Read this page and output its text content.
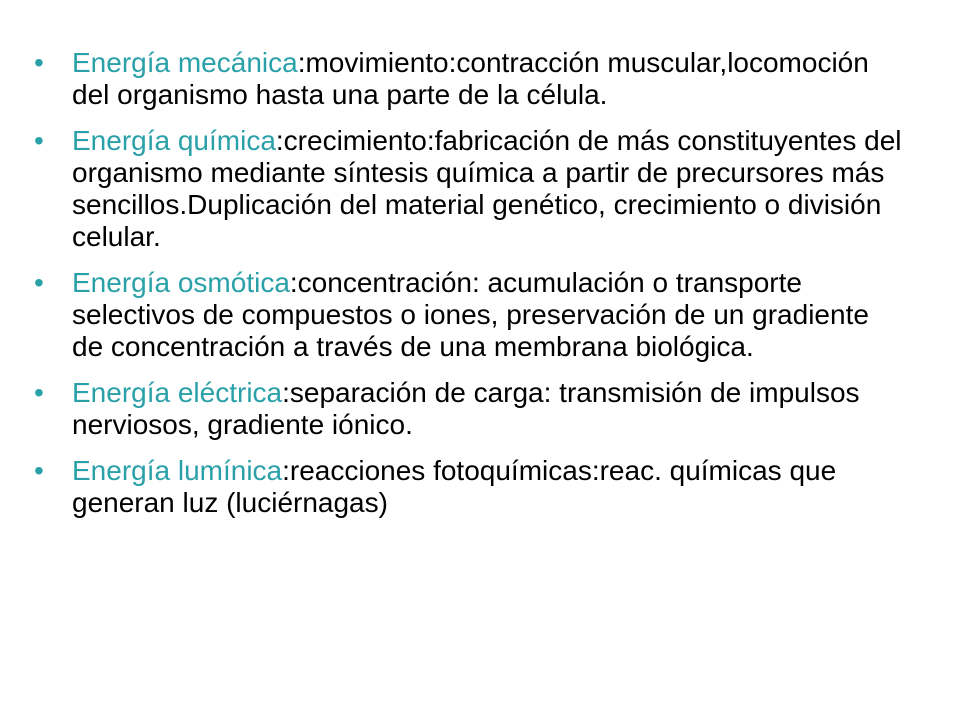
• Energía mecánica:movimiento:contracción muscular,locomoción del organismo hasta una parte de la célula.
• Energía química:crecimiento:fabricación de más constituyentes del organismo mediante síntesis química a partir de precursores más sencillos.Duplicación del material genético, crecimiento o división celular.
• Energía osmótica:concentración: acumulación o transporte selectivos de compuestos o iones, preservación de un gradiente de concentración a través de una membrana biológica.
• Energía eléctrica:separación de carga: transmisión de impulsos nerviosos, gradiente iónico.
• Energía lumínica:reacciones fotoquímicas:reac. químicas que generan luz (luciérnagas)
